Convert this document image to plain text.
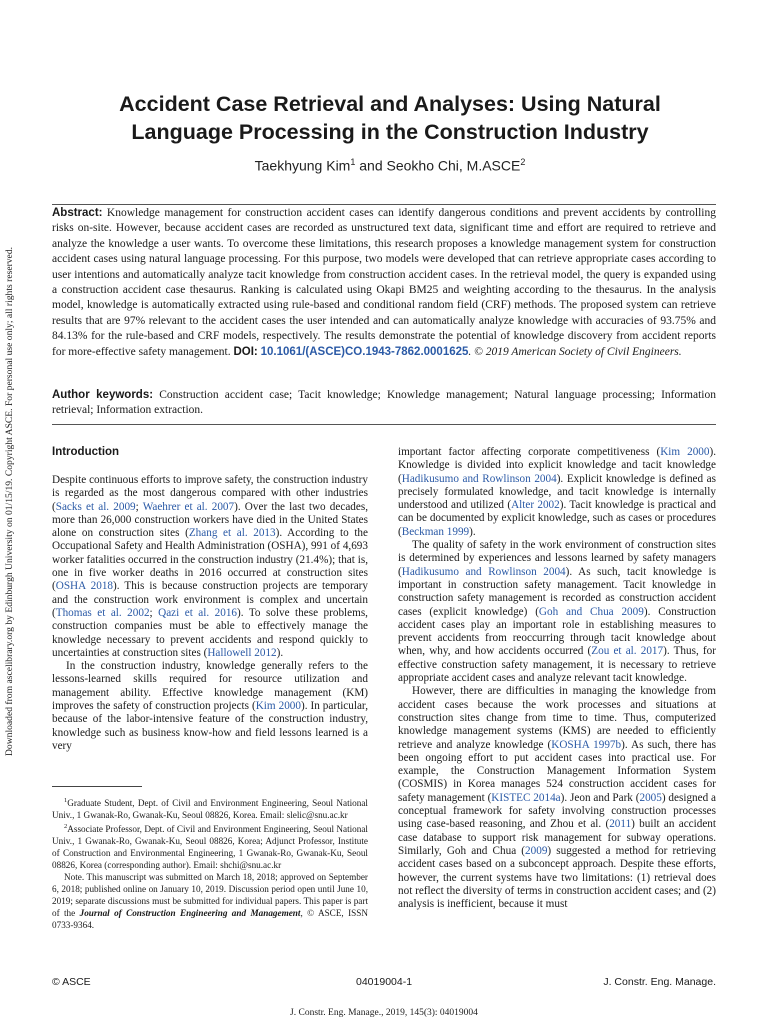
Downloaded from ascelibrary.org by Edinburgh University on 01/15/19. Copyright ASCE. For personal use only; all rights reserved.
Accident Case Retrieval and Analyses: Using Natural
Language Processing in the Construction Industry
Taekhyung Kim$^1$ and Seokho Chi, M.ASCE$^2$
Abstract: Knowledge management for construction accident cases can identify dangerous conditions and prevent accidents by controlling risks on-site. However, because accident cases are recorded as unstructured text data, significant time and effort are required to retrieve and analyze the knowledge a user wants. To overcome these limitations, this research proposes a knowledge management system for construction accident cases using natural language processing. For this purpose, two models were developed that can retrieve appropriate cases according to user intentions and automatically analyze tacit knowledge from construction accident cases. In the retrieval model, the query is expanded using a construction accident case thesaurus. Ranking is calculated using Okapi BM25 and weighting according to the thesaurus. In the analysis model, knowledge is automatically extracted using rule-based and conditional random field (CRF) methods. The proposed system can retrieve results that are 97% relevant to the accident cases the user intended and can automatically analyze knowledge with accuracies of 93.75% and 84.13% for the rule-based and CRF models, respectively. The results demonstrate the potential of knowledge discovery from accident reports for more-effective safety management. DOI: 10.1061/(ASCE)CO.1943-7862.0001625. © 2019 American Society of Civil Engineers.
Author keywords: Construction accident case; Tacit knowledge; Knowledge management; Natural language processing; Information retrieval; Information extraction.
Introduction

Despite continuous efforts to improve safety, the construction industry is regarded as the most dangerous compared with other industries (Sacks et al. 2009; Waehrer et al. 2007). Over the last two decades, more than 26,000 construction workers have died in the United States alone on construction sites (Zhang et al. 2013). According to the Occupational Safety and Health Administration (OSHA), 991 of 4,693 worker fatalities occurred in the construction industry (21.4%); that is, one in five worker deaths in 2016 occurred at construction sites (OSHA 2018). This is because construction projects are temporary and the construction work environment is complex and uncertain (Thomas et al. 2002; Qazi et al. 2016). To solve these problems, construction companies must be able to effectively manage the knowledge necessary to prevent accidents and respond quickly to uncertainties at construction sites (Hallowell 2012).

In the construction industry, knowledge generally refers to the lessons-learned skills required for resource utilization and management ability. Effective knowledge management (KM) improves the safety of construction projects (Kim 2000). In particular, because of the labor-intensive feature of the construction industry, knowledge such as business know-how and field lessons learned is a very

$^1$Graduate Student, Dept. of Civil and Environment Engineering, Seoul National Univ., 1 Gwanak-Ro, Gwanak-Ku, Seoul 08826, Korea. Email: slelic@snu.ac.kr

$^2$Associate Professor, Dept. of Civil and Environment Engineering, Seoul National Univ., 1 Gwanak-Ro, Gwanak-Ku, Seoul 08826, Korea; Adjunct Professor, Institute of Construction and Environmental Engineering, 1 Gwanak-Ro, Gwanak-Ku, Seoul 08826, Korea (corresponding author). Email: shchi@snu.ac.kr

Note. This manuscript was submitted on March 18, 2018; approved on September 6, 2018; published online on January 10, 2019. Discussion period open until June 10, 2019; separate discussions must be submitted for individual papers. This paper is part of the Journal of Construction Engineering and Management, © ASCE, ISSN 0733-9364.

important factor affecting corporate competitiveness (Kim 2000). Knowledge is divided into explicit knowledge and tacit knowledge (Hadikusumo and Rowlinson 2004). Explicit knowledge is defined as precisely formulated knowledge, and tacit knowledge is internally understood and utilized (Alter 2002). Tacit knowledge is practical and can be documented by explicit knowledge, such as cases or procedures (Beckman 1999).

The quality of safety in the work environment of construction sites is determined by experiences and lessons learned by safety managers (Hadikusumo and Rowlinson 2004). As such, tacit knowledge is important in construction safety management. Tacit knowledge in construction safety management is recorded as construction accident cases (explicit knowledge) (Goh and Chua 2009). Construction accident cases play an important role in establishing measures to prevent accidents from reoccurring through tacit knowledge about when, why, and how accidents occurred (Zou et al. 2017). Thus, for effective construction safety management, it is necessary to retrieve appropriate accident cases and analyze relevant tacit knowledge.

However, there are difficulties in managing the knowledge from accident cases because the work processes and situations at construction sites change from time to time. Thus, computerized knowledge management systems (KMS) are needed to efficiently retrieve and analyze knowledge (KOSHA 1997b). As such, there has been ongoing effort to put accident cases into practical use. For example, the Construction Management Information System (COSMIS) in Korea manages 524 construction accident cases for safety management (KISTEC 2014a). Jeon and Park (2005) designed a conceptual framework for safety involving construction processes using case-based reasoning, and Zhou et al. (2011) built an accident case database to support risk management for subway operations. Similarly, Goh and Chua (2009) suggested a method for retrieving accident cases based on a subconcept approach. Despite these efforts, however, the current systems have two limitations: (1) retrieval does not reflect the diversity of terms in construction accident cases; and (2) analysis is inefficient, because it must

© ASCE	04019004-1	J. Constr. Eng. Manage.
J. Constr. Eng. Manage., 2019, 145(3): 04019004
